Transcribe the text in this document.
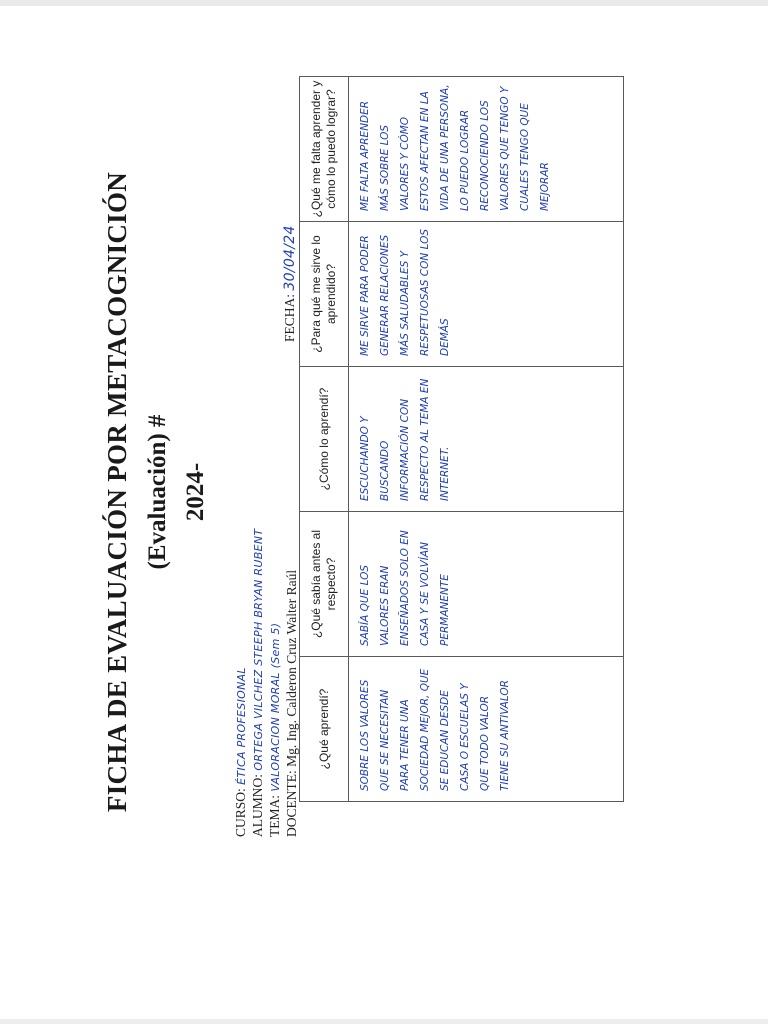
FICHA DE EVALUACIÓN POR METACOGNICIÓN (Evaluación) # 2024-
CURSO: ÉTICA PROFESIONAL
ALUMNO: ORTEGA VILCHEZ STEEPH BRYAN RUBENT
TEMA: VALORACION MORAL (Sem 5)
DOCENTE: Mg. Ing. Calderon Cruz Walter Raúl
FECHA: 30/04/24
¿Qué aprendí?	¿Qué sabía antes al respecto?	¿Cómo lo aprendí?	¿Para qué me sirve lo aprendido?	¿Qué me falta aprender y cómo lo puedo lograr?

SOBRE LOS VALORES QUE SE NECESITAN PARA TENER UNA SOCIEDAD MEJOR, QUE SE EDUCAN DESDE CASA O ESCUELAS Y QUE TODO VALOR TIENE SU ANTIVALOR	SABÍA QUE LOS VALORES ERAN ENSEÑADOS SOLO EN CASA Y SE VOLVÍAN PERMANENTE	ESCUCHANDO Y BUSCANDO INFORMACIÓN CON RESPECTO AL TEMA EN INTERNET.	ME SIRVE PARA PODER GENERAR RELACIONES MÁS SALUDABLES Y RESPETUOSAS CON LOS DEMÁS	ME FALTA APRENDER MÁS SOBRE LOS VALORES Y CÓMO ESTOS AFECTAN EN LA VIDA DE UNA PERSONA, LO PUEDO LOGRAR RECONOCIENDO LOS VALORES QUE TENGO Y CUALES TENGO QUE MEJORAR
